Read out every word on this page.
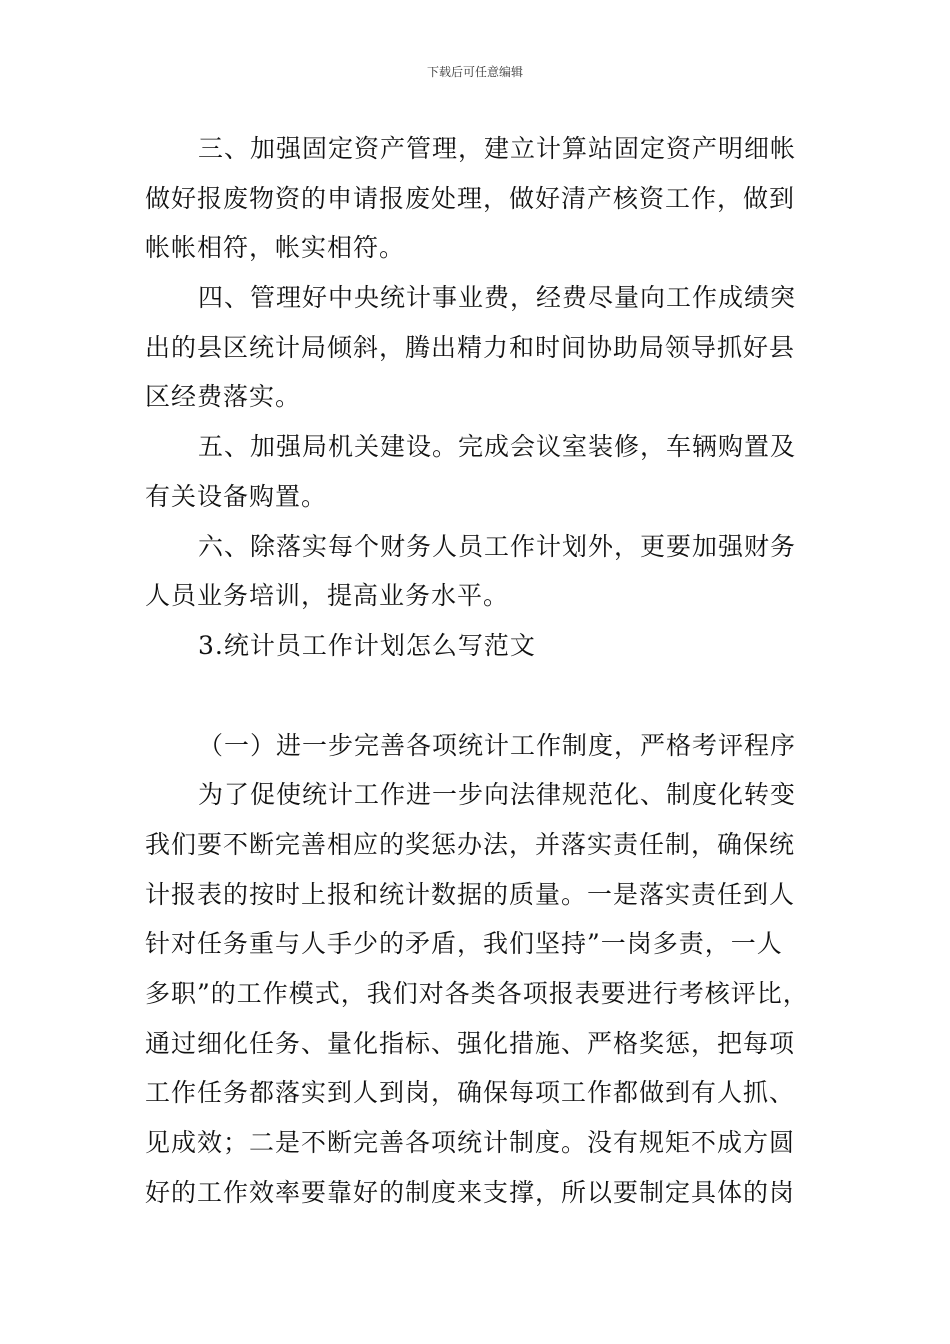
下载后可任意编辑
三、加强固定资产管理，建立计算站固定资产明细帐
做好报废物资的申请报废处理，做好清产核资工作，做到
帐帐相符，帐实相符。
四、管理好中央统计事业费，经费尽量向工作成绩突
出的县区统计局倾斜，腾出精力和时间协助局领导抓好县
区经费落实。
五、加强局机关建设。完成会议室装修，车辆购置及
有关设备购置。
六、除落实每个财务人员工作计划外，更要加强财务
人员业务培训，提高业务水平。
3.统计员工作计划怎么写范文
（一）进一步完善各项统计工作制度，严格考评程序
为了促使统计工作进一步向法律规范化、制度化转变
我们要不断完善相应的奖惩办法，并落实责任制，确保统
计报表的按时上报和统计数据的质量。一是落实责任到人
针对任务重与人手少的矛盾，我们坚持”一岗多责，一人
多职”的工作模式，我们对各类各项报表要进行考核评比，
通过细化任务、量化指标、强化措施、严格奖惩，把每项
工作任务都落实到人到岗，确保每项工作都做到有人抓、
见成效；二是不断完善各项统计制度。没有规矩不成方圆
好的工作效率要靠好的制度来支撑，所以要制定具体的岗
